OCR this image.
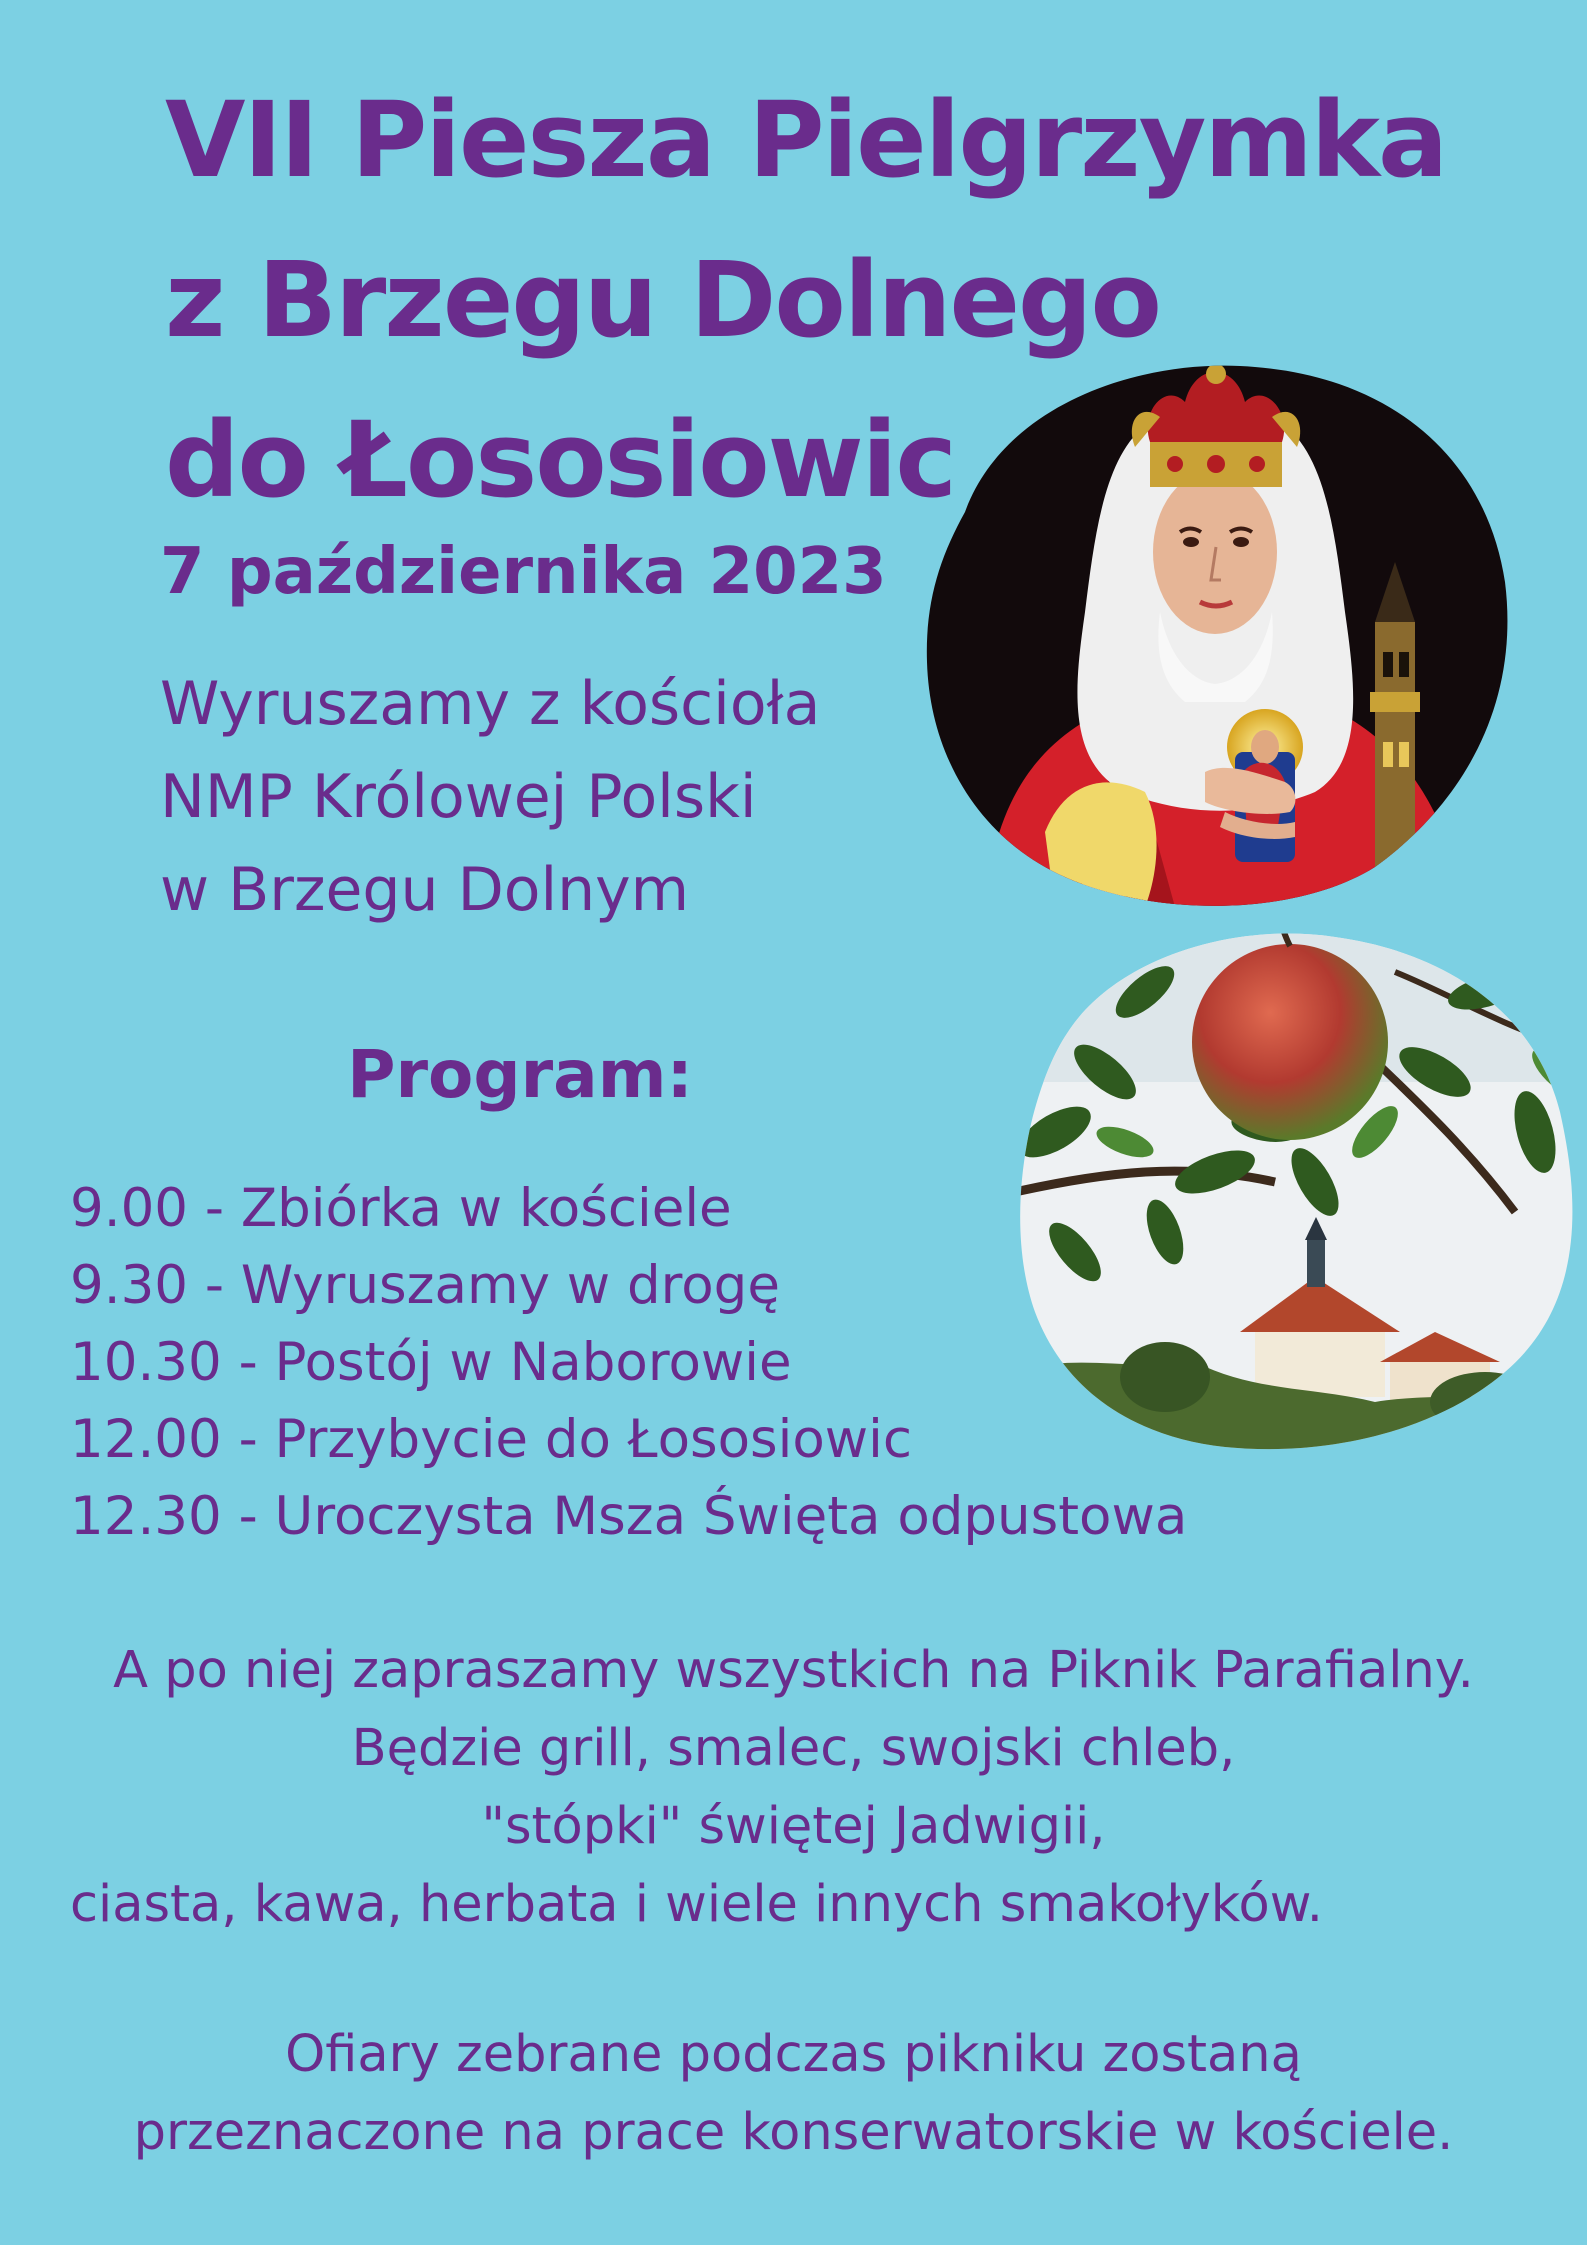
VII Piesza Pielgrzymka
z Brzegu Dolnego
do Łososiowic
7 października 2023
Wyruszamy z kościoła
NMP Królowej Polski
w Brzegu Dolnym
Program:
9.00 - Zbiórka w kościele
9.30 - Wyruszamy w drogę
10.30 - Postój w Naborowie
12.00 - Przybycie do Łososiowic
12.30 - Uroczysta Msza Święta odpustowa
A po niej zapraszamy wszystkich na Piknik Parafialny.
Będzie grill, smalec, swojski chleb,
"stópki" świętej Jadwigii,
ciasta, kawa, herbata i wiele innych smakołyków.
Ofiary zebrane podczas pikniku zostaną
przeznaczone na prace konserwatorskie w kościele.
